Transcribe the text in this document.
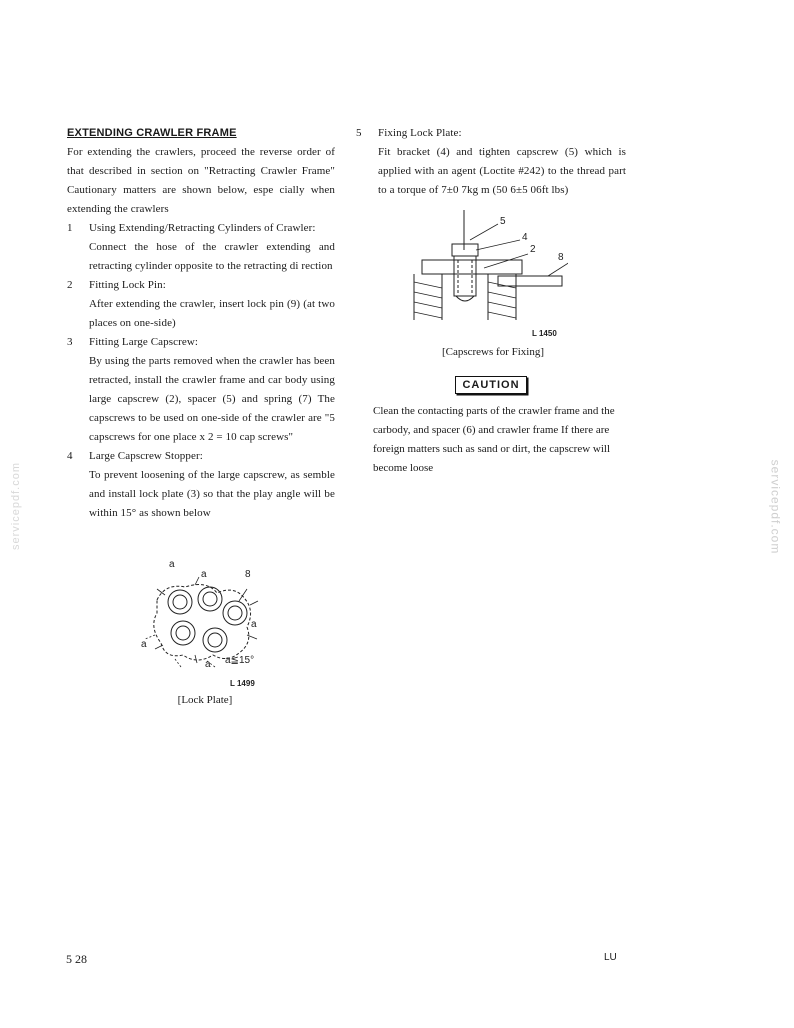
EXTENDING CRAWLER FRAME
For extending the crawlers, proceed the reverse order of that described in section on "Retracting Crawler Frame" Cautionary matters are shown below, espe cially when extending the crawlers
1 Using Extending/Retracting Cylinders of Crawler:
Connect the hose of the crawler extending and retracting cylinder opposite to the retracting di rection
2 Fitting Lock Pin:
After extending the crawler, insert lock pin (9) (at two places on one-side)
3 Fitting Large Capscrew:
By using the parts removed when the crawler has been retracted, install the crawler frame and car body using large capscrew (2), spacer (5) and spring (7) The capscrews to be used on one-side of the crawler are "5 capscrews for one place x 2 = 10 cap screws"
4 Large Capscrew Stopper:
To prevent loosening of the large capscrew, as semble and install lock plate (3) so that the play angle will be within 15° as shown below
a
a	8
a
a
a a≦15°
L 1499
[Lock Plate]
5 Fixing Lock Plate:
Fit bracket (4) and tighten capscrew (5) which is applied with an agent (Loctite #242) to the thread part to a torque of 7±0 7kg m (50 6±5 06ft lbs)
5
4
2
8
L 1450
[Capscrews for Fixing]
CAUTION
Clean the contacting parts of the crawler frame and the carbody, and spacer (6) and crawler frame If there are foreign matters such as sand or dirt, the capscrew will become loose
servicepdf.com	servicepdf.com
5 28	LU
